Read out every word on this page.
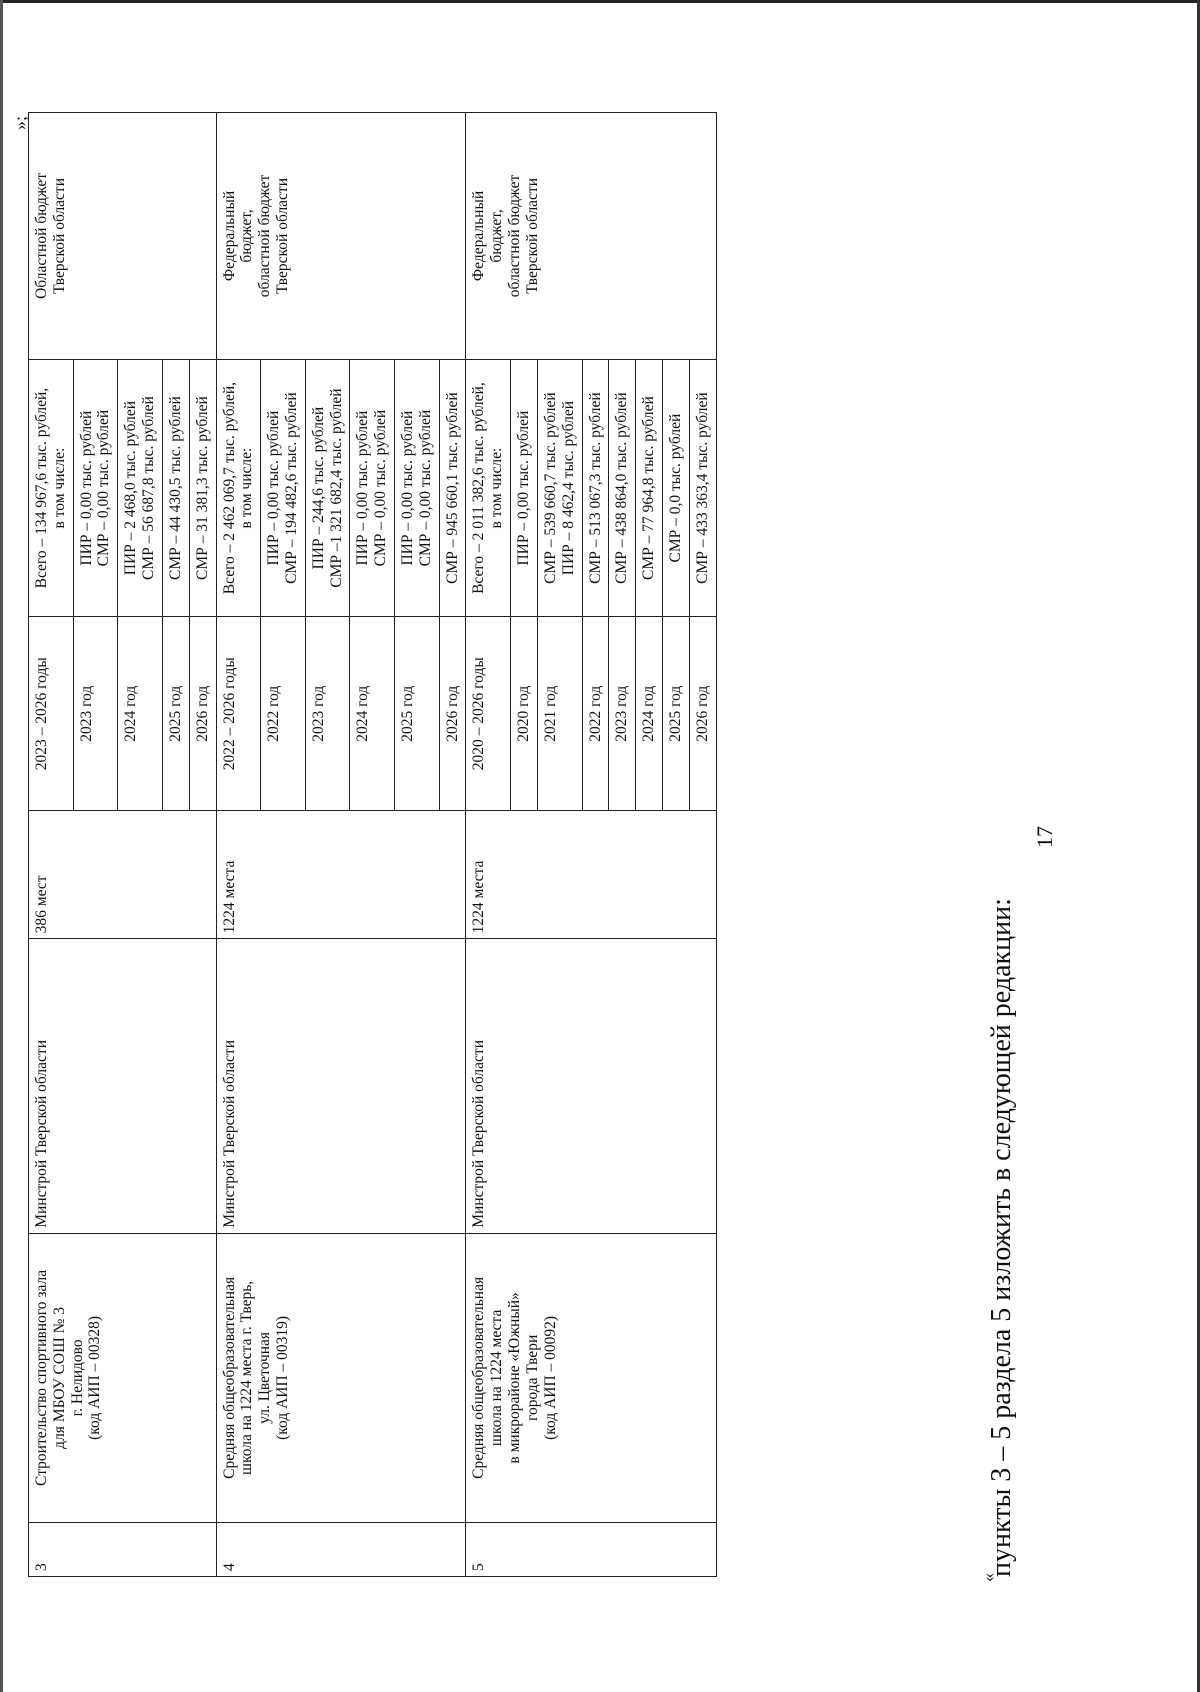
17
«
пункты 3 – 5 раздела 5 изложить в следующей редакции:
»;
3	Строительство спортивного зала для МБОУ СОШ № 3 г. Нелидово (код АИП – 00328)	Минстрой Тверской области	386 мест	2023 – 2026 годы	Всего – 134 967,6 тыс. рублей, в том числе:	Областной бюджет Тверской области

				2023 год	ПИР – 0,00 тыс. рублей СМР – 0,00 тыс. рублей	

				2024 год	ПИР – 2 468,0 тыс. рублей СМР – 56 687,8 тыс. рублей	

				2025 год	СМР – 44 430,5 тыс. рублей	

				2026 год	СМР – 31 381,3 тыс. рублей	

4	Средняя общеобразовательная школа на 1224 места г. Тверь, ул. Цветочная (код АИП – 00319)	Минстрой Тверской области	1224 места	2022 – 2026 годы	Всего – 2 462 069,7 тыс. рублей, в том числе:	Федеральный бюджет, областной бюджет Тверской области

				2022 год	ПИР – 0,00 тыс. рублей СМР – 194 482,6 тыс. рублей	

				2023 год	ПИР – 244,6 тыс. рублей СМР –1 321 682,4 тыс. рублей	

				2024 год	ПИР – 0,00 тыс. рублей СМР – 0,00 тыс. рублей	

				2025 год	ПИР – 0,00 тыс. рублей СМР – 0,00 тыс. рублей	

				2026 год	СМР – 945 660,1 тыс. рублей	

5	Средняя общеобразовательная школа на 1224 места в микрорайоне «Южный» города Твери (код АИП – 00092)	Минстрой Тверской области	1224 места	2020 – 2026 годы	Всего – 2 011 382,6 тыс. рублей, в том числе:	Федеральный бюджет, областной бюджет Тверской области

				2020 год	ПИР – 0,00 тыс. рублей	

				2021 год	СМР – 539 660,7 тыс. рублей ПИР – 8 462,4 тыс. рублей	

				2022 год	СМР – 513 067,3 тыс. рублей	

				2023 год	СМР – 438 864,0 тыс. рублей	

				2024 год	СМР – 77 964,8 тыс. рублей	

				2025 год	СМР – 0,0 тыс. рублей	

				2026 год	СМР – 433 363,4 тыс. рублей	
